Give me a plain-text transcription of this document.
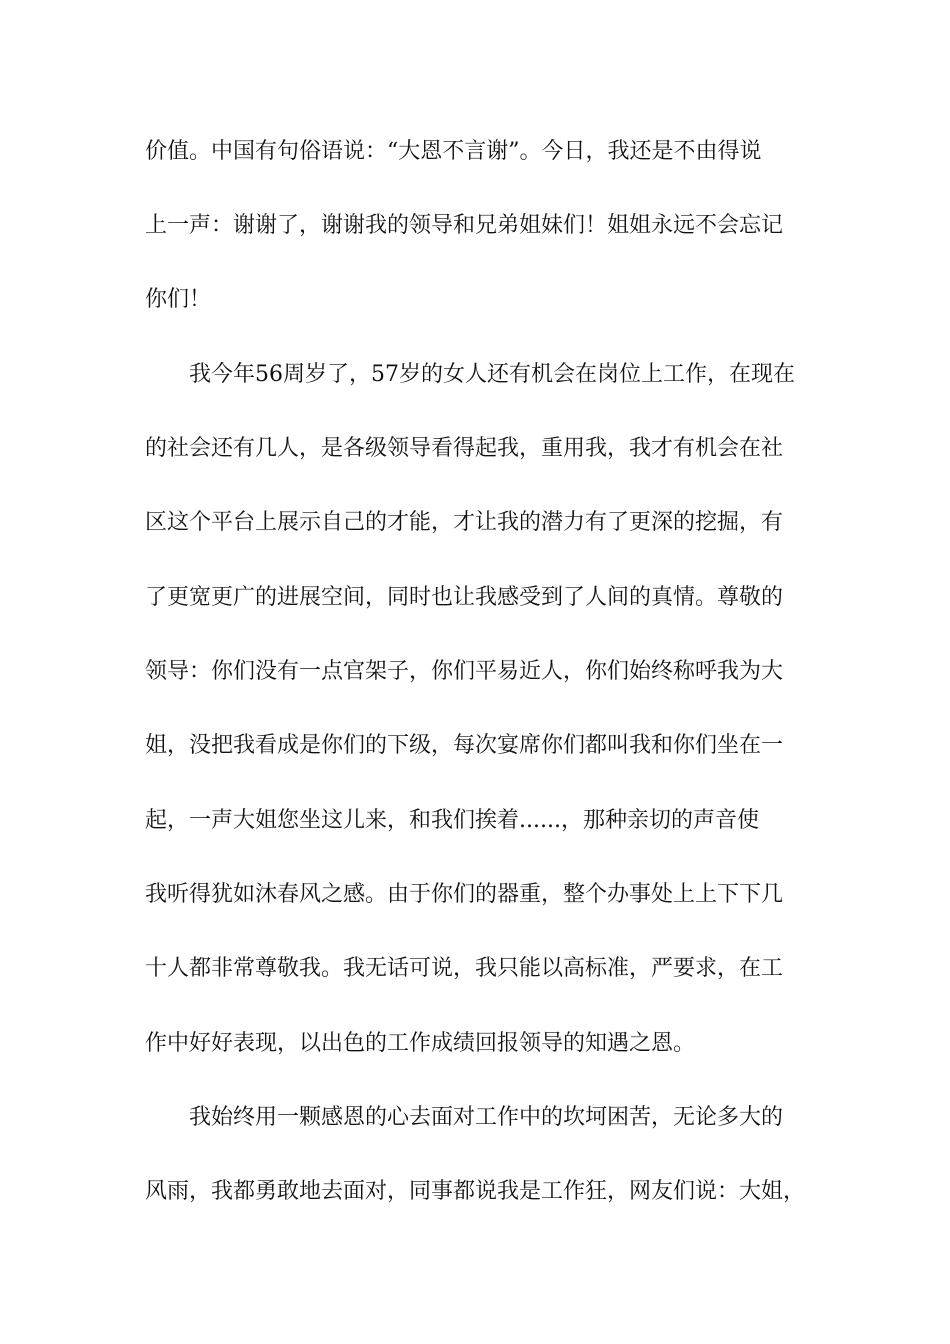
价值。中国有句俗语说：“大恩不言谢”。今日，我还是不由得说
上一声：谢谢了，谢谢我的领导和兄弟姐妹们！姐姐永远不会忘记
你们！
我今年56周岁了，57岁的女人还有机会在岗位上工作，在现在
的社会还有几人，是各级领导看得起我，重用我，我才有机会在社
区这个平台上展示自己的才能，才让我的潜力有了更深的挖掘，有
了更宽更广的进展空间，同时也让我感受到了人间的真情。尊敬的
领导：你们没有一点官架子，你们平易近人，你们始终称呼我为大
姐，没把我看成是你们的下级，每次宴席你们都叫我和你们坐在一
起，一声大姐您坐这儿来，和我们挨着......，那种亲切的声音使
我听得犹如沐春风之感。由于你们的器重，整个办事处上上下下几
十人都非常尊敬我。我无话可说，我只能以高标准，严要求，在工
作中好好表现，以出色的工作成绩回报领导的知遇之恩。
我始终用一颗感恩的心去面对工作中的坎坷困苦，无论多大的
风雨，我都勇敢地去面对，同事都说我是工作狂，网友们说：大姐，
